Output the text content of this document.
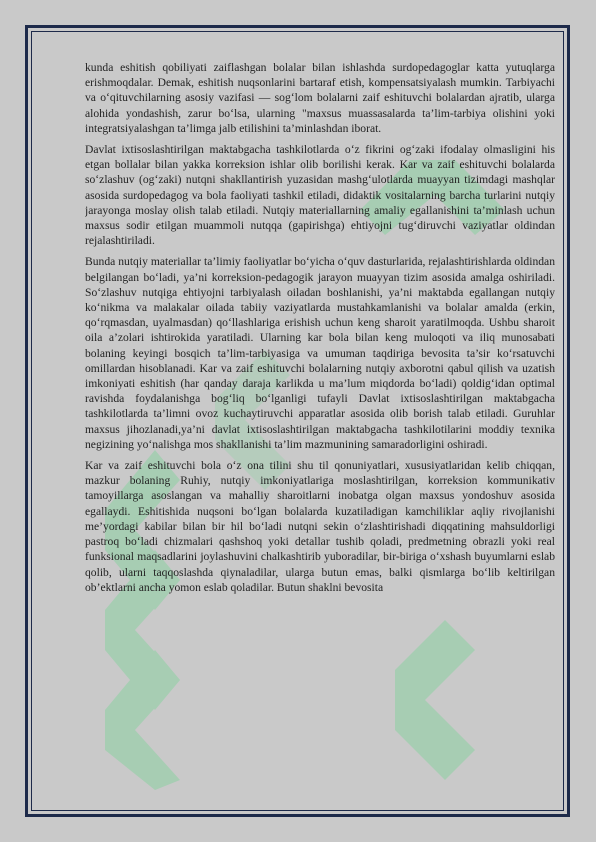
kunda eshitish qobiliyati zaiflashgan bolalar bilan ishlashda surdopedagoglar katta yutuqlarga erishmoqdalar. Demak, eshitish nuqsonlarini bartaraf etish, kompensatsiyalash mumkin. Tarbiyachi va o‘qituvchilarning asosiy vazifasi — sog‘lom bolalarni zaif eshituvchi bolalardan ajratib, ularga alohida yondashish, zarur bo‘lsa, ularning "maxsus muassasalarda ta’lim-tarbiya olishini yoki integratsiyalashgan ta’limga jalb etilishini ta’minlashdan iborat.

Davlat ixtisoslashtirilgan maktabgacha tashkilotlarda o‘z fikrini og‘zaki ifodalay olmasligini his etgan bollalar bilan yakka korreksion ishlar olib borilishi kerak. Kar va zaif eshituvchi bolalarda so‘zlashuv (og‘zaki) nutqni shakllantirish yuzasidan mashg‘ulotlarda muayyan tizimdagi mashqlar asosida surdopedagog va bola faoliyati tashkil etiladi, didaktik vositalarning barcha turlarini nutqiy jarayonga moslay olish talab etiladi. Nutqiy materiallarning amaliy egallanishini ta’minlash uchun maxsus sodir etilgan muammoli nutqqa (gapirishga) ehtiyojni tug‘diruvchi vaziyatlar oldindan rejalashtiriladi.

Bunda nutqiy materiallar ta’limiy faoliyatlar bo‘yicha o‘quv dasturlarida, rejalashtirishlarda oldindan belgilangan bo‘ladi, ya’ni korreksion-pedagogik jarayon muayyan tizim asosida amalga oshiriladi. So‘zlashuv nutqiga ehtiyojni tarbiyalash oiladan boshlanishi, ya’ni maktabda egallangan nutqiy ko‘nikma va malakalar oilada tabiiy vaziyatlarda mustahkamlanishi va bolalar amalda (erkin, qo‘rqmasdan, uyalmasdan) qo‘llashlariga erishish uchun keng sharoit yaratilmoqda. Ushbu sharoit oila a’zolari ishtirokida yaratiladi. Ularning kar bola bilan keng muloqoti va iliq munosabati bolaning keyingi bosqich ta’lim-tarbiyasiga va umuman taqdiriga bevosita ta’sir ko‘rsatuvchi omillardan hisoblanadi. Kar va zaif eshituvchi bolalarning nutqiy axborotni qabul qilish va uzatish imkoniyati eshitish (har qanday daraja karlikda u ma’lum miqdorda bo‘ladi) qoldig‘idan optimal ravishda foydalanishga bog‘liq bo‘lganligi tufayli Davlat ixtisoslashtirilgan maktabgacha tashkilotlarda ta’limni ovoz kuchaytiruvchi apparatlar asosida olib borish talab etiladi. Guruhlar maxsus jihozlanadi,ya’ni davlat ixtisoslashtirilgan maktabgacha tashkilotilarini moddiy texnika negizining yo‘nalishga mos shakllanishi ta’lim mazmunining samaradorligini oshiradi.

Kar va zaif eshituvchi bola o‘z ona tilini shu til qonuniyatlari, xususiyatlaridan kelib chiqqan, mazkur bolaning Ruhiy, nutqiy imkoniyatlariga moslashtirilgan, korreksion kommunikativ tamoyillarga asoslangan va mahalliy sharoitlarni inobatga olgan maxsus yondoshuv asosida egallaydi. Eshitishida nuqsoni bo‘lgan bolalarda kuzatiladigan kamchiliklar aqliy rivojlanishi me’yordagi kabilar bilan bir hil bo‘ladi nutqni sekin o‘zlashtirishadi diqqatining mahsuldorligi pastroq bo‘ladi chizmalari qashshoq yoki detallar tushib qoladi, predmetning obrazli yoki real funksional maqsadlarini joylashuvini chalkashtirib yuboradilar, bir-biriga o‘xshash buyumlarni eslab qolib, ularni taqqoslashda qiynaladilar, ularga butun emas, balki qismlarga bo‘lib keltirilgan ob’ektlarni ancha yomon eslab qoladilar. Butun shaklni bevosita
